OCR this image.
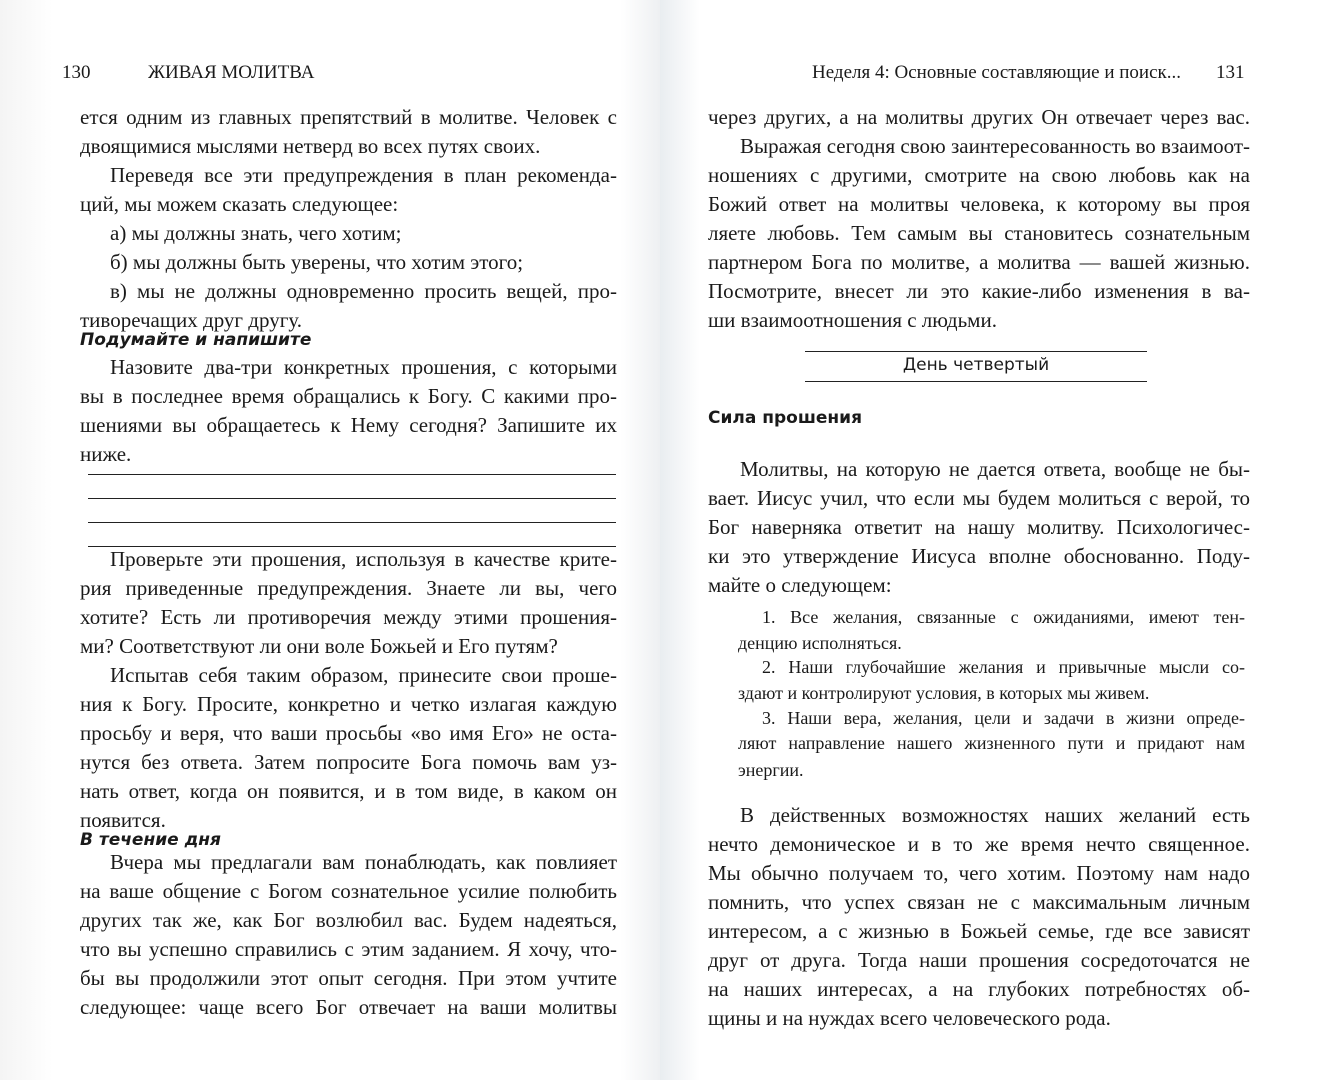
130	ЖИВАЯ МОЛИТВА
ется одним из главных препятствий в молитве. Человек с
двоящимися мыслями нетверд во всех путях своих.
Переведя все эти предупреждения в план рекоменда-
ций, мы можем сказать следующее:
а) мы должны знать, чего хотим;
б) мы должны быть уверены, что хотим этого;
в) мы не должны одновременно просить вещей, про-
тиворечащих друг другу.
Подумайте и напишите
Назовите два-три конкретных прошения, с которыми
вы в последнее время обращались к Богу. С какими про-
шениями вы обращаетесь к Нему сегодня? Запишите их
ниже.
Проверьте эти прошения, используя в качестве крите-
рия приведенные предупреждения. Знаете ли вы, чего
хотите? Есть ли противоречия между этими прошения-
ми? Соответствуют ли они воле Божьей и Его путям?
Испытав себя таким образом, принесите свои проше-
ния к Богу. Просите, конкретно и четко излагая каждую
просьбу и веря, что ваши просьбы «во имя Его» не оста-
нутся без ответа. Затем попросите Бога помочь вам уз-
нать ответ, когда он появится, и в том виде, в каком он
появится.
В течение дня
Вчера мы предлагали вам понаблюдать, как повлияет
на ваше общение с Богом сознательное усилие полюбить
других так же, как Бог возлюбил вас. Будем надеяться,
что вы успешно справились с этим заданием. Я хочу, что-
бы вы продолжили этот опыт сегодня. При этом учтите
следующее: чаще всего Бог отвечает на ваши молитвы
Неделя 4: Основные составляющие и поиск... 131
День четвертый
через других, а на молитвы других Он отвечает через вас.
Выражая сегодня свою заинтересованность во взаимоот-
ношениях с другими, смотрите на свою любовь как на
Божий ответ на молитвы человека, к которому вы проя
ляете любовь. Тем самым вы становитесь сознательным
партнером Бога по молитве, а молитва — вашей жизнью.
Посмотрите, внесет ли это какие-либо изменения в ва-
ши взаимоотношения с людьми.
Сила прошения
Молитвы, на которую не дается ответа, вообще не бы-
вает. Иисус учил, что если мы будем молиться с верой, то
Бог наверняка ответит на нашу молитву. Психологичес-
ки это утверждение Иисуса вполне обоснованно. Поду-
майте о следующем:
1. Все желания, связанные с ожиданиями, имеют тен-
денцию исполняться.
2. Наши глубочайшие желания и привычные мысли со-
здают и контролируют условия, в которых мы живем.
3. Наши вера, желания, цели и задачи в жизни опреде-
ляют направление нашего жизненного пути и придают нам
энергии.
В действенных возможностях наших желаний есть
нечто демоническое и в то же время нечто священное.
Мы обычно получаем то, чего хотим. Поэтому нам надо
помнить, что успех связан не с максимальным личным
интересом, а с жизнью в Божьей семье, где все зависят
друг от друга. Тогда наши прошения сосредоточатся не
на наших интересах, а на глубоких потребностях об-
щины и на нуждах всего человеческого рода.
